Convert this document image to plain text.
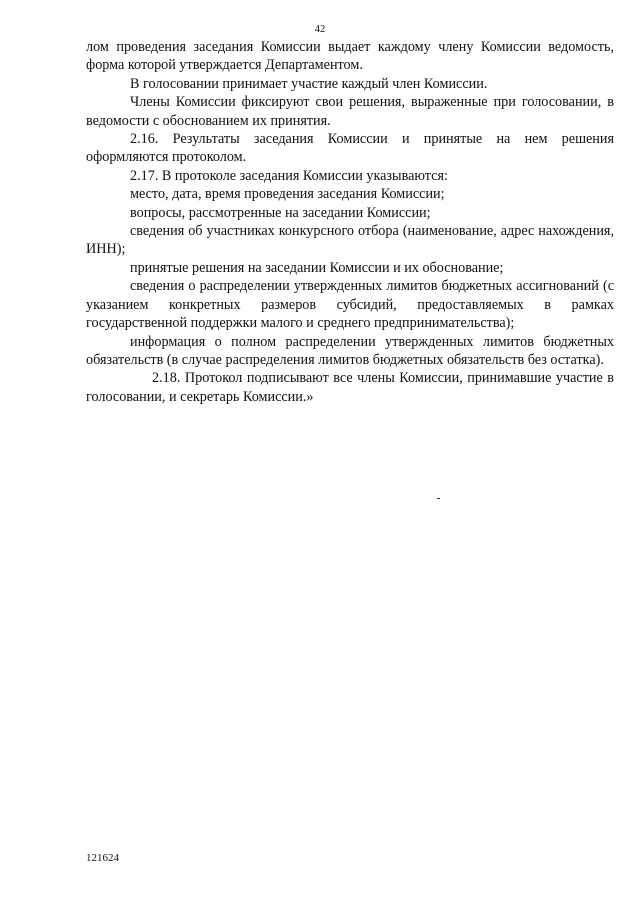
42

лом проведения заседания Комиссии выдает каждому члену Комиссии ведомость, форма которой утверждается Департаментом.

В голосовании принимает участие каждый член Комиссии.

Члены Комиссии фиксируют свои решения, выраженные при голосовании, в ведомости с обоснованием их принятия.

2.16. Результаты заседания Комиссии и принятые на нем решения оформляются протоколом.

2.17. В протоколе заседания Комиссии указываются:

место, дата, время проведения заседания Комиссии;

вопросы, рассмотренные на заседании Комиссии;

сведения об участниках конкурсного отбора (наименование, адрес нахождения, ИНН);

принятые решения на заседании Комиссии и их обоснование;

сведения о распределении утвержденных лимитов бюджетных ассигнований (с указанием конкретных размеров субсидий, предоставляемых в рамках государственной поддержки малого и среднего предпринимательства);

информация о полном распределении утвержденных лимитов бюджетных обязательств (в случае распределения лимитов бюджетных обязательств без остатка).

2.18. Протокол подписывают все члены Комиссии, принимавшие участие в голосовании, и секретарь Комиссии.»

121624
